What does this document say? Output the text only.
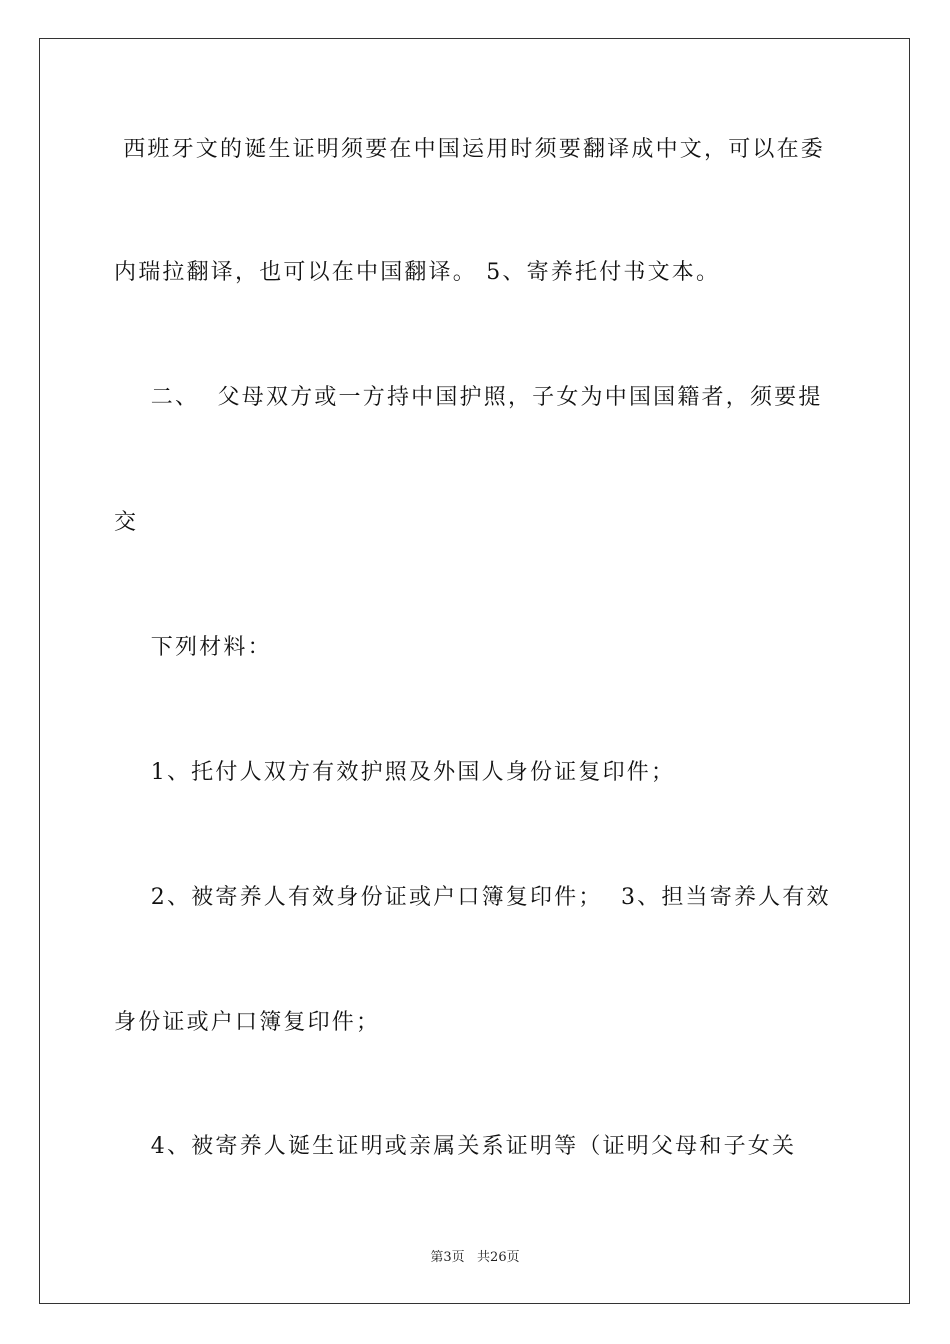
西班牙文的诞生证明须要在中国运用时须要翻译成中文，可以在委
内瑞拉翻译，也可以在中国翻译。 5、寄养托付书文本。
二、  父母双方或一方持中国护照，子女为中国国籍者，须要提
交
下列材料：
1、托付人双方有效护照及外国人身份证复印件；
2、被寄养人有效身份证或户口簿复印件；  3、担当寄养人有效
身份证或户口簿复印件；
4、被寄养人诞生证明或亲属关系证明等（证明父母和子女关
第3页   共26页
